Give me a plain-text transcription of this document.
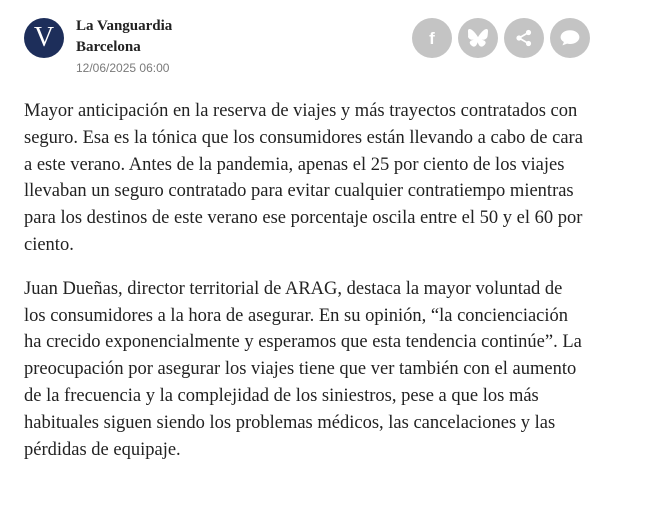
V La Vanguardia
Barcelona
12/06/2025 06:00
f

Mayor anticipación en la reserva de viajes y más trayectos contratados con seguro. Esa es la tónica que los consumidores están llevando a cabo de cara a este verano. Antes de la pandemia, apenas el 25 por ciento de los viajes llevaban un seguro contratado para evitar cualquier contratiempo mientras para los destinos de este verano ese porcentaje oscila entre el 50 y el 60 por ciento.

Juan Dueñas, director territorial de ARAG, destaca la mayor voluntad de los consumidores a la hora de asegurar. En su opinión, “la concienciación ha crecido exponencialmente y esperamos que esta tendencia continúe”. La preocupación por asegurar los viajes tiene que ver también con el aumento de la frecuencia y la complejidad de los siniestros, pese a que los más habituales siguen siendo los problemas médicos, las cancelaciones y las pérdidas de equipaje.
